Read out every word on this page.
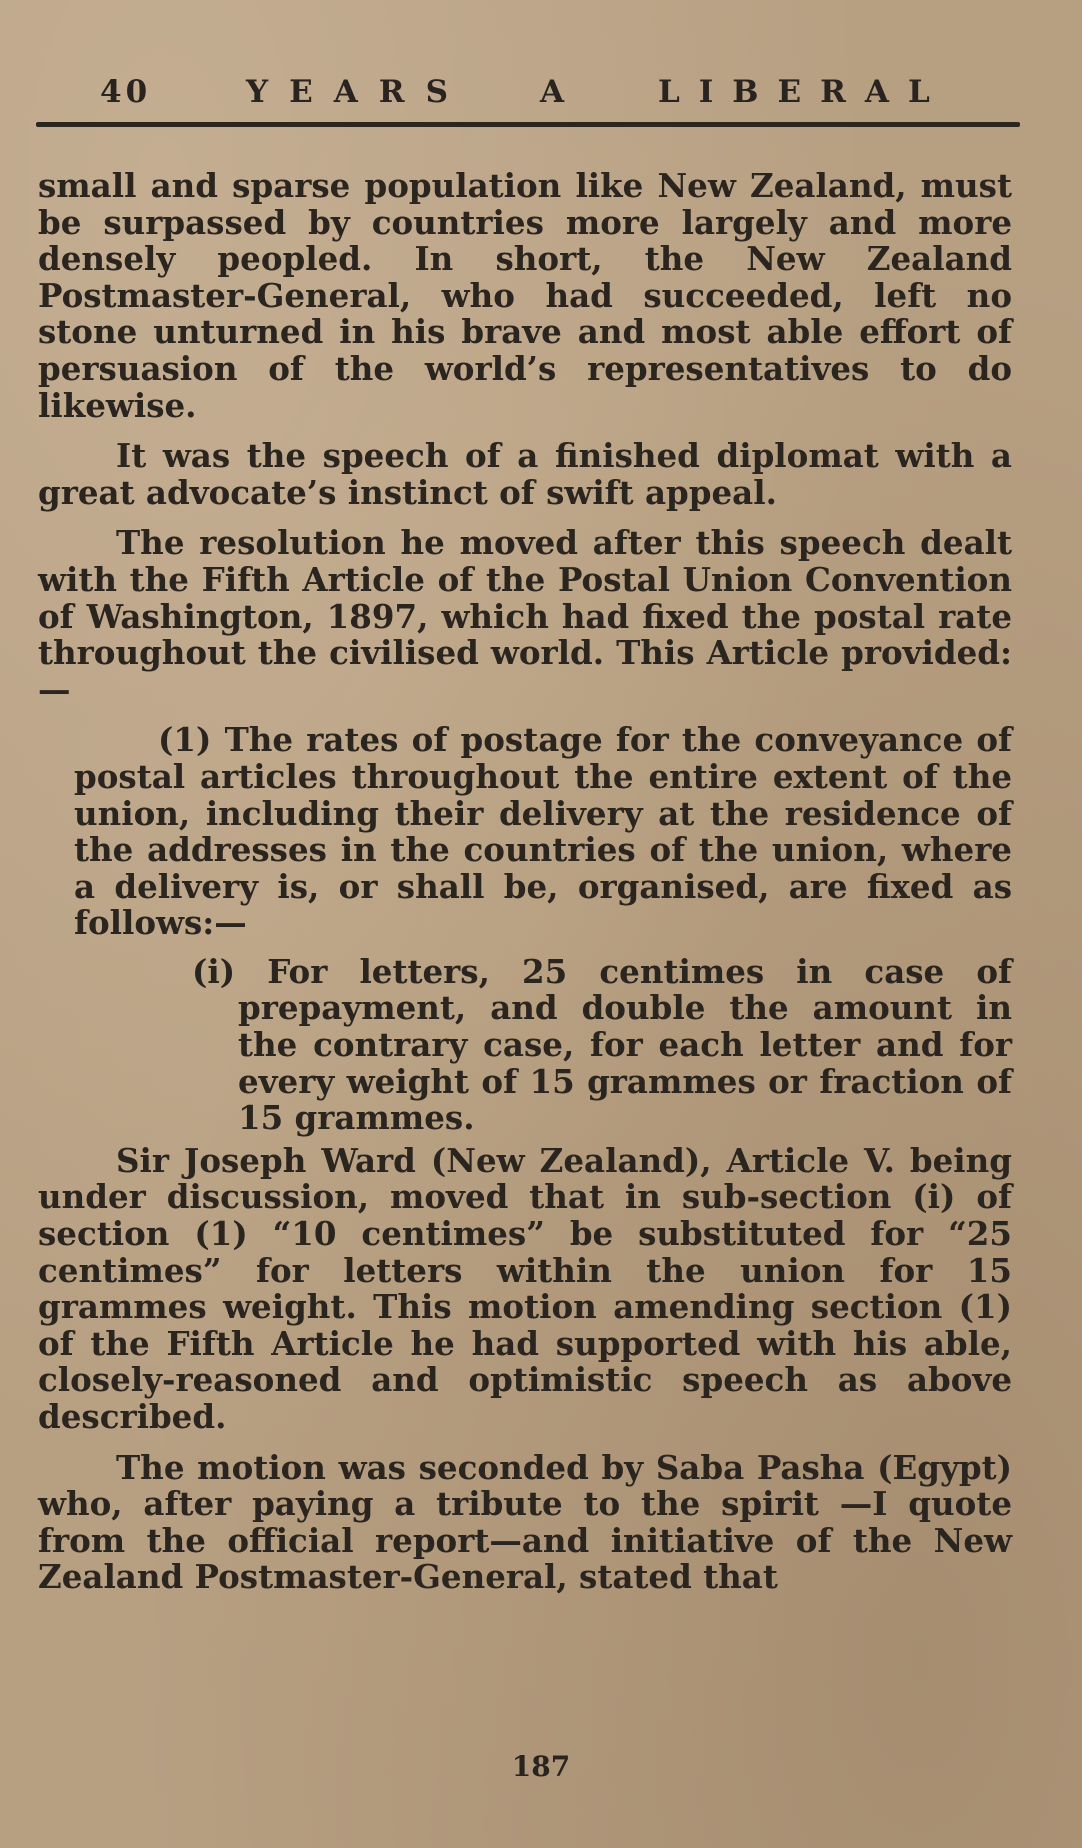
40	YEARS A	LIBERAL

small and sparse population like New Zealand, must be surpassed by countries more largely and more densely peopled. In short, the New Zealand Postmaster-General, who had succeeded, left no stone unturned in his brave and most able effort of persuasion of the world’s representatives to do likewise.

It was the speech of a finished diplomat with a great advocate’s instinct of swift appeal.

The resolution he moved after this speech dealt with the Fifth Article of the Postal Union Convention of Washington, 1897, which had fixed the postal rate throughout the civilised world. This Article provided:—

(1) The rates of postage for the conveyance of postal articles throughout the entire extent of the union, including their delivery at the residence of the addresses in the countries of the union, where a delivery is, or shall be, organised, are fixed as follows:—

(i) For letters, 25 centimes in case of prepayment, and double the amount in the contrary case, for each letter and for every weight of 15 grammes or fraction of 15 grammes.

Sir Joseph Ward (New Zealand), Article V. being under discussion, moved that in sub-section (i) of section (1) “10 centimes” be substituted for “25 centimes” for letters within the union for 15 grammes weight. This motion amending section (1) of the Fifth Article he had supported with his able, closely-reasoned and optimistic speech as above described.

The motion was seconded by Saba Pasha (Egypt) who, after paying a tribute to the spirit —I quote from the official report—and initiative of the New Zealand Postmaster-General, stated that

187
